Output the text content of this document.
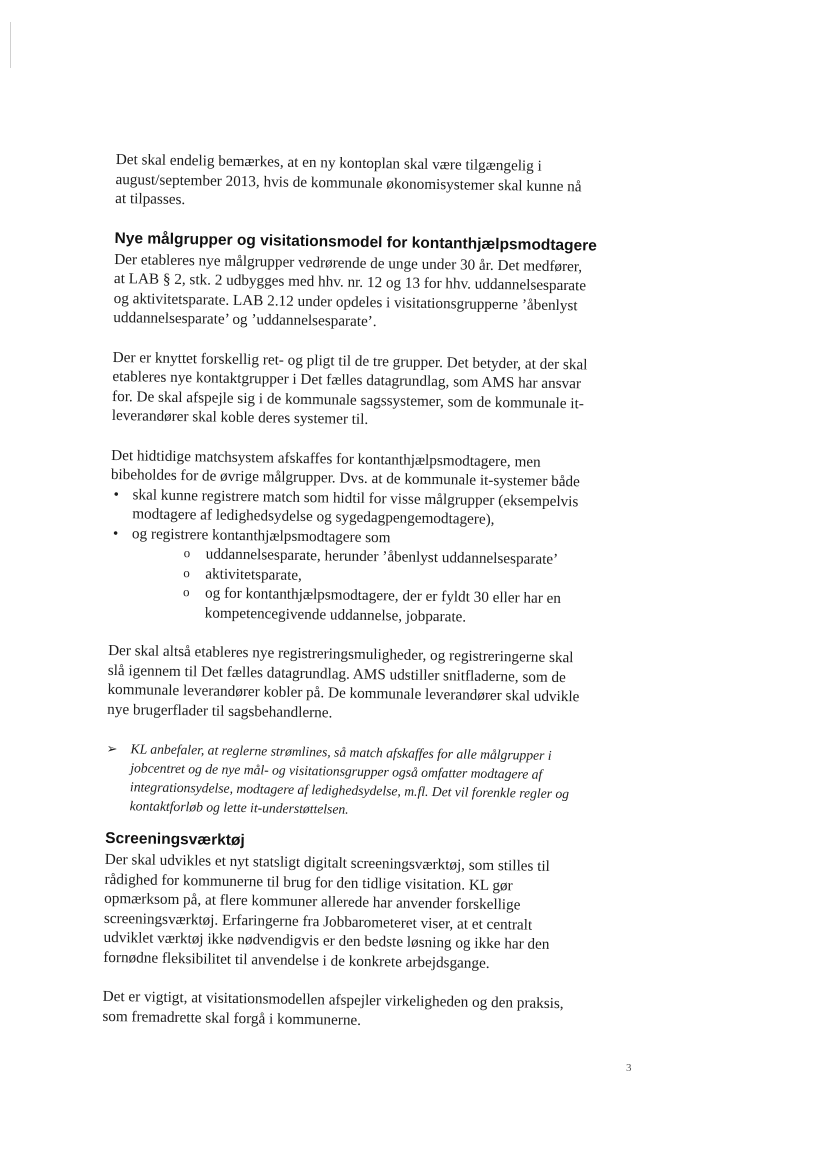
Det skal endelig bemærkes, at en ny kontoplan skal være tilgængelig i august/september 2013, hvis de kommunale økonomisystemer skal kunne nå at tilpasses.

Nye målgrupper og visitationsmodel for kontanthjælpsmodtagere

Der etableres nye målgrupper vedrørende de unge under 30 år. Det medfører, at LAB § 2, stk. 2 udbygges med hhv. nr. 12 og 13 for hhv. uddannelsesparate og aktivitetsparate. LAB 2.12 under opdeles i visitationsgrupperne ’åbenlyst uddannelsesparate’ og ’uddannelsesparate’.

Der er knyttet forskellig ret- og pligt til de tre grupper. Det betyder, at der skal etableres nye kontaktgrupper i Det fælles datagrundlag, som AMS har ansvar for. De skal afspejle sig i de kommunale sagssystemer, som de kommunale it-leverandører skal koble deres systemer til.

Det hidtidige matchsystem afskaffes for kontanthjælpsmodtagere, men bibeholdes for de øvrige målgrupper. Dvs. at de kommunale it-systemer både

• skal kunne registrere match som hidtil for visse målgrupper (eksempelvis modtagere af ledighedsydelse og sygedagpengemodtagere),
• og registrere kontanthjælpsmodtagere som
o uddannelsesparate, herunder ’åbenlyst uddannelsesparate’
o aktivitetsparate,
o og for kontanthjælpsmodtagere, der er fyldt 30 eller har en kompetencegivende uddannelse, jobparate.

Der skal altså etableres nye registreringsmuligheder, og registreringerne skal slå igennem til Det fælles datagrundlag. AMS udstiller snitfladerne, som de kommunale leverandører kobler på. De kommunale leverandører skal udvikle nye brugerflader til sagsbehandlerne.

➢ KL anbefaler, at reglerne strømlines, så match afskaffes for alle målgrupper i jobcentret og de nye mål- og visitationsgrupper også omfatter modtagere af integrationsydelse, modtagere af ledighedsydelse, m.fl. Det vil forenkle regler og kontaktforløb og lette it-understøttelsen.
Screeningsværktøj

Der skal udvikles et nyt statsligt digitalt screeningsværktøj, som stilles til rådighed for kommunerne til brug for den tidlige visitation. KL gør opmærksom på, at flere kommuner allerede har anvender forskellige screeningsværktøj. Erfaringerne fra Jobbarometeret viser, at et centralt udviklet værktøj ikke nødvendigvis er den bedste løsning og ikke har den fornødne fleksibilitet til anvendelse i de konkrete arbejdsgange.

Det er vigtigt, at visitationsmodellen afspejler virkeligheden og den praksis, som fremadrette skal forgå i kommunerne.

3
